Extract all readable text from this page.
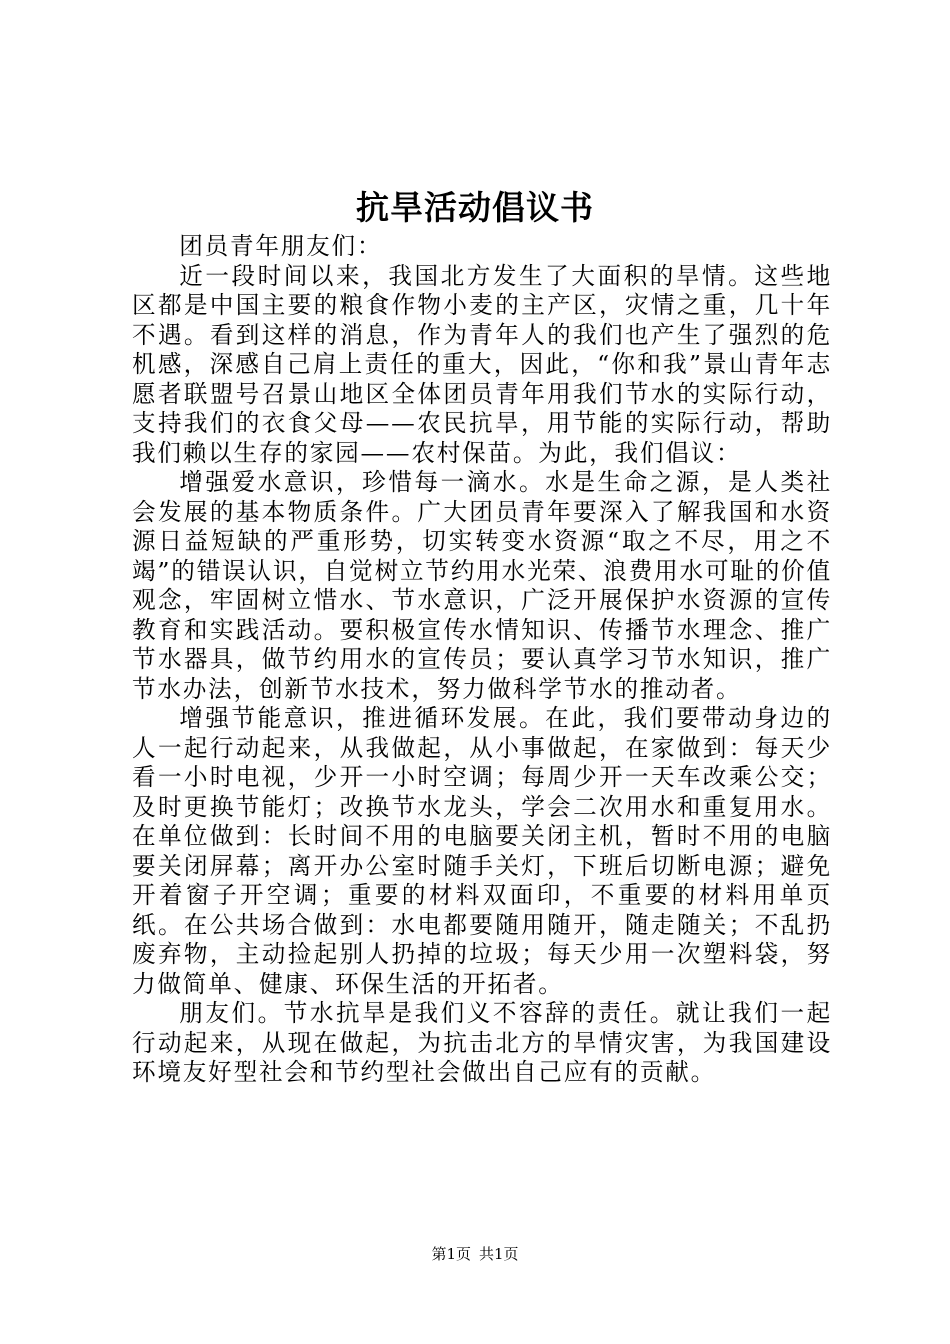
抗旱活动倡议书

团员青年朋友们：

近一段时间以来，我国北方发生了大面积的旱情。这些地区都是中国主要的粮食作物小麦的主产区，灾情之重，几十年不遇。看到这样的消息，作为青年人的我们也产生了强烈的危机感，深感自己肩上责任的重大，因此，“你和我”景山青年志愿者联盟号召景山地区全体团员青年用我们节水的实际行动，支持我们的衣食父母——农民抗旱，用节能的实际行动，帮助我们赖以生存的家园——农村保苗。为此，我们倡议：

增强爱水意识，珍惜每一滴水。水是生命之源，是人类社会发展的基本物质条件。广大团员青年要深入了解我国和水资源日益短缺的严重形势，切实转变水资源“取之不尽，用之不竭”的错误认识，自觉树立节约用水光荣、浪费用水可耻的价值观念，牢固树立惜水、节水意识，广泛开展保护水资源的宣传教育和实践活动。要积极宣传水情知识、传播节水理念、推广节水器具，做节约用水的宣传员；要认真学习节水知识，推广节水办法，创新节水技术，努力做科学节水的推动者。

增强节能意识，推进循环发展。在此，我们要带动身边的人一起行动起来，从我做起，从小事做起，在家做到：每天少看一小时电视，少开一小时空调；每周少开一天车改乘公交；及时更换节能灯；改换节水龙头，学会二次用水和重复用水。在单位做到：长时间不用的电脑要关闭主机，暂时不用的电脑要关闭屏幕；离开办公室时随手关灯，下班后切断电源；避免开着窗子开空调；重要的材料双面印，不重要的材料用单页纸。在公共场合做到：水电都要随用随开，随走随关；不乱扔废弃物，主动捡起别人扔掉的垃圾；每天少用一次塑料袋，努力做简单、健康、环保生活的开拓者。

朋友们。节水抗旱是我们义不容辞的责任。就让我们一起行动起来，从现在做起，为抗击北方的旱情灾害，为我国建设环境友好型社会和节约型社会做出自己应有的贡献。

第1页 共1页
